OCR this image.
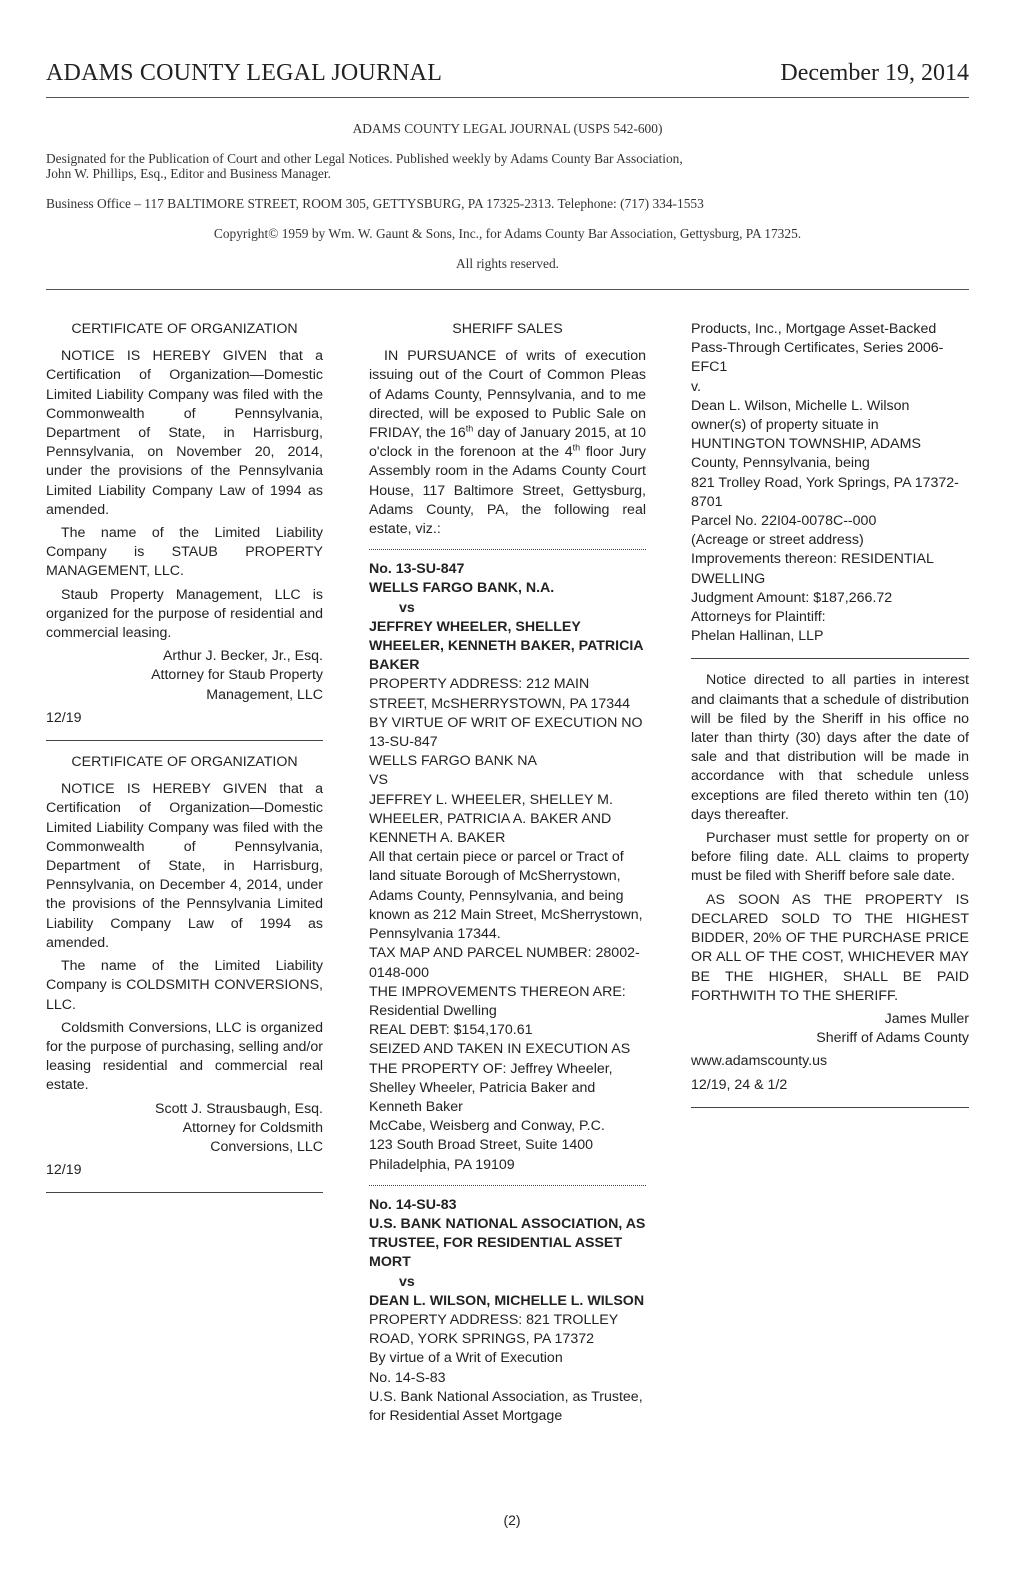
ADAMS COUNTY LEGAL JOURNAL	December 19, 2014
ADAMS COUNTY LEGAL JOURNAL (USPS 542-600)
Designated for the Publication of Court and other Legal Notices. Published weekly by Adams County Bar Association,
John W. Phillips, Esq., Editor and Business Manager.
Business Office – 117 BALTIMORE STREET, ROOM 305, GETTYSBURG, PA 17325-2313. Telephone: (717) 334-1553
Copyright© 1959 by Wm. W. Gaunt & Sons, Inc., for Adams County Bar Association, Gettysburg, PA 17325.
All rights reserved.
CERTIFICATE OF ORGANIZATION
NOTICE IS HEREBY GIVEN that a Certification of Organization—Domestic Limited Liability Company was filed with the Commonwealth of Pennsylvania, Department of State, in Harrisburg, Pennsylvania, on November 20, 2014, under the provisions of the Pennsylvania Limited Liability Company Law of 1994 as amended.
The name of the Limited Liability Company is STAUB PROPERTY MANAGEMENT, LLC.
Staub Property Management, LLC is organized for the purpose of residential and commercial leasing.
Arthur J. Becker, Jr., Esq.
Attorney for Staub Property
Management, LLC
12/19
CERTIFICATE OF ORGANIZATION
NOTICE IS HEREBY GIVEN that a Certification of Organization—Domestic Limited Liability Company was filed with the Commonwealth of Pennsylvania, Department of State, in Harrisburg, Pennsylvania, on December 4, 2014, under the provisions of the Pennsylvania Limited Liability Company Law of 1994 as amended.
The name of the Limited Liability Company is COLDSMITH CONVERSIONS, LLC.
Coldsmith Conversions, LLC is organized for the purpose of purchasing, selling and/or leasing residential and commercial real estate.
Scott J. Strausbaugh, Esq.
Attorney for Coldsmith
Conversions, LLC
12/19
SHERIFF SALES
IN PURSUANCE of writs of execution issuing out of the Court of Common Pleas of Adams County, Pennsylvania, and to me directed, will be exposed to Public Sale on FRIDAY, the 16th day of January 2015, at 10 o'clock in the forenoon at the 4th floor Jury Assembly room in the Adams County Court House, 117 Baltimore Street, Gettysburg, Adams County, PA, the following real estate, viz.:
No. 13-SU-847
WELLS FARGO BANK, N.A.
vs
JEFFREY WHEELER, SHELLEY WHEELER, KENNETH BAKER, PATRICIA BAKER
PROPERTY ADDRESS: 212 MAIN STREET, McSHERRYSTOWN, PA 17344
BY VIRTUE OF WRIT OF EXECUTION NO 13-SU-847
WELLS FARGO BANK NA
VS
JEFFREY L. WHEELER, SHELLEY M. WHEELER, PATRICIA A. BAKER AND KENNETH A. BAKER
All that certain piece or parcel or Tract of land situate Borough of McSherrystown, Adams County, Pennsylvania, and being known as 212 Main Street, McSherrystown, Pennsylvania 17344.
TAX MAP AND PARCEL NUMBER: 28002-0148-000
THE IMPROVEMENTS THEREON ARE: Residential Dwelling
REAL DEBT: $154,170.61
SEIZED AND TAKEN IN EXECUTION AS THE PROPERTY OF: Jeffrey Wheeler, Shelley Wheeler, Patricia Baker and Kenneth Baker
McCabe, Weisberg and Conway, P.C.
123 South Broad Street, Suite 1400
Philadelphia, PA 19109
No. 14-SU-83
U.S. BANK NATIONAL ASSOCIATION, AS TRUSTEE, FOR RESIDENTIAL ASSET MORT
vs
DEAN L. WILSON, MICHELLE L. WILSON
PROPERTY ADDRESS: 821 TROLLEY ROAD, YORK SPRINGS, PA 17372
By virtue of a Writ of Execution
No. 14-S-83
U.S. Bank National Association, as Trustee, for Residential Asset Mortgage
Products, Inc., Mortgage Asset-Backed Pass-Through Certificates, Series 2006-EFC1
v.
Dean L. Wilson, Michelle L. Wilson
owner(s) of property situate in HUNTINGTON TOWNSHIP, ADAMS County, Pennsylvania, being
821 Trolley Road, York Springs, PA 17372-8701
Parcel No. 22I04-0078C--000
(Acreage or street address)
Improvements thereon: RESIDENTIAL DWELLING
Judgment Amount: $187,266.72
Attorneys for Plaintiff:
Phelan Hallinan, LLP
Notice directed to all parties in interest and claimants that a schedule of distribution will be filed by the Sheriff in his office no later than thirty (30) days after the date of sale and that distribution will be made in accordance with that schedule unless exceptions are filed thereto within ten (10) days thereafter.
Purchaser must settle for property on or before filing date. ALL claims to property must be filed with Sheriff before sale date.
AS SOON AS THE PROPERTY IS DECLARED SOLD TO THE HIGHEST BIDDER, 20% OF THE PURCHASE PRICE OR ALL OF THE COST, WHICHEVER MAY BE THE HIGHER, SHALL BE PAID FORTHWITH TO THE SHERIFF.
James Muller
Sheriff of Adams County
www.adamscounty.us
12/19, 24 & 1/2
(2)
